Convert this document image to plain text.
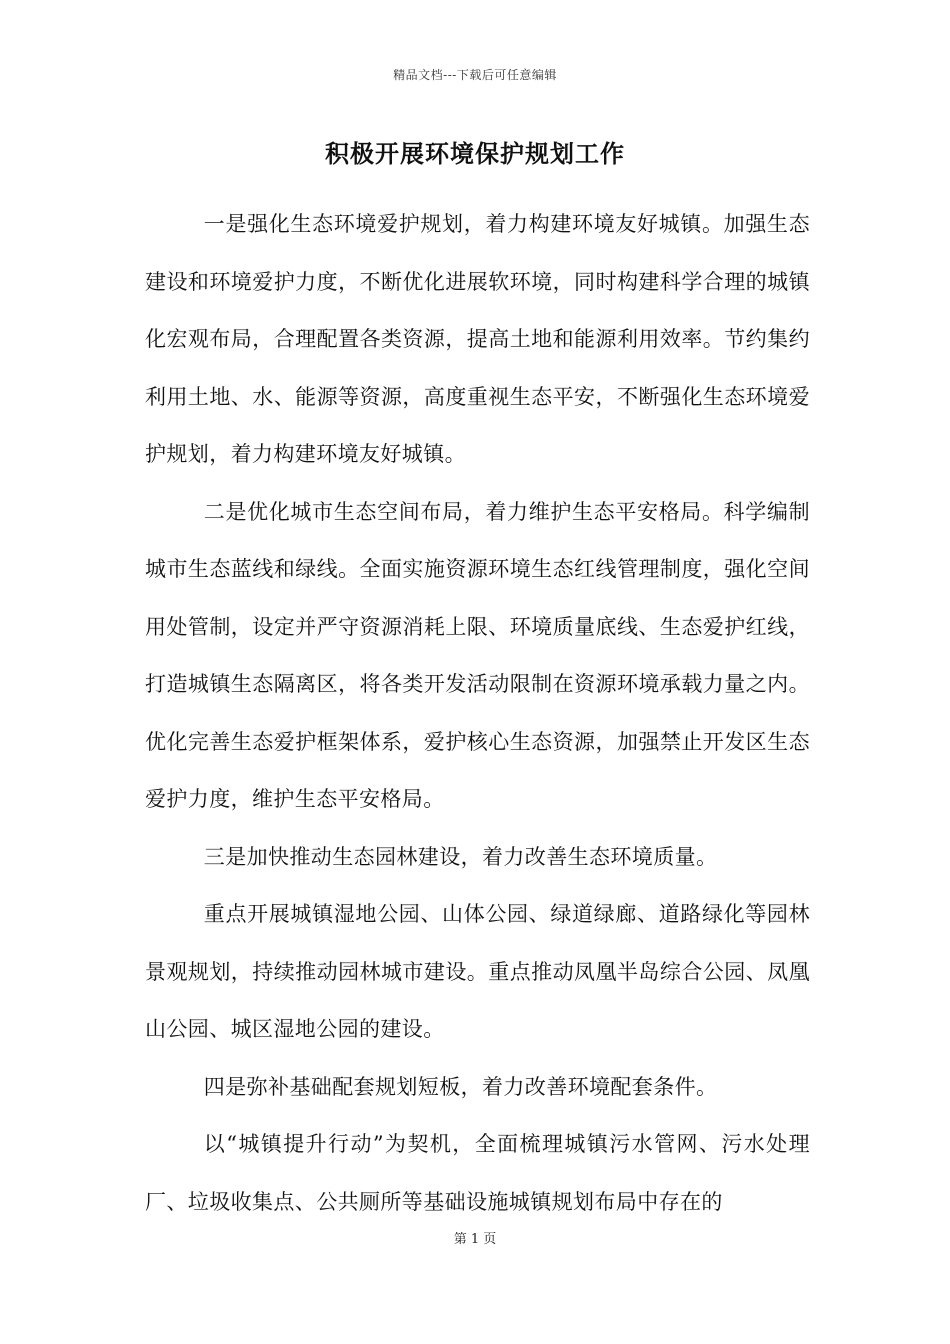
精品文档---下载后可任意编辑
积极开展环境保护规划工作

一是强化生态环境爱护规划，着力构建环境友好城镇。加强生态建设和环境爱护力度，不断优化进展软环境，同时构建科学合理的城镇化宏观布局，合理配置各类资源，提高土地和能源利用效率。节约集约利用土地、水、能源等资源，高度重视生态平安，不断强化生态环境爱护规划，着力构建环境友好城镇。

二是优化城市生态空间布局，着力维护生态平安格局。科学编制城市生态蓝线和绿线。全面实施资源环境生态红线管理制度，强化空间用处管制，设定并严守资源消耗上限、环境质量底线、生态爱护红线，打造城镇生态隔离区，将各类开发活动限制在资源环境承载力量之内。优化完善生态爱护框架体系，爱护核心生态资源，加强禁止开发区生态爱护力度，维护生态平安格局。

三是加快推动生态园林建设，着力改善生态环境质量。

重点开展城镇湿地公园、山体公园、绿道绿廊、道路绿化等园林景观规划，持续推动园林城市建设。重点推动凤凰半岛综合公园、凤凰山公园、城区湿地公园的建设。

四是弥补基础配套规划短板，着力改善环境配套条件。

以“城镇提升行动”为契机，全面梳理城镇污水管网、污水处理厂、垃圾收集点、公共厕所等基础设施城镇规划布局中存在的

第 1 页
